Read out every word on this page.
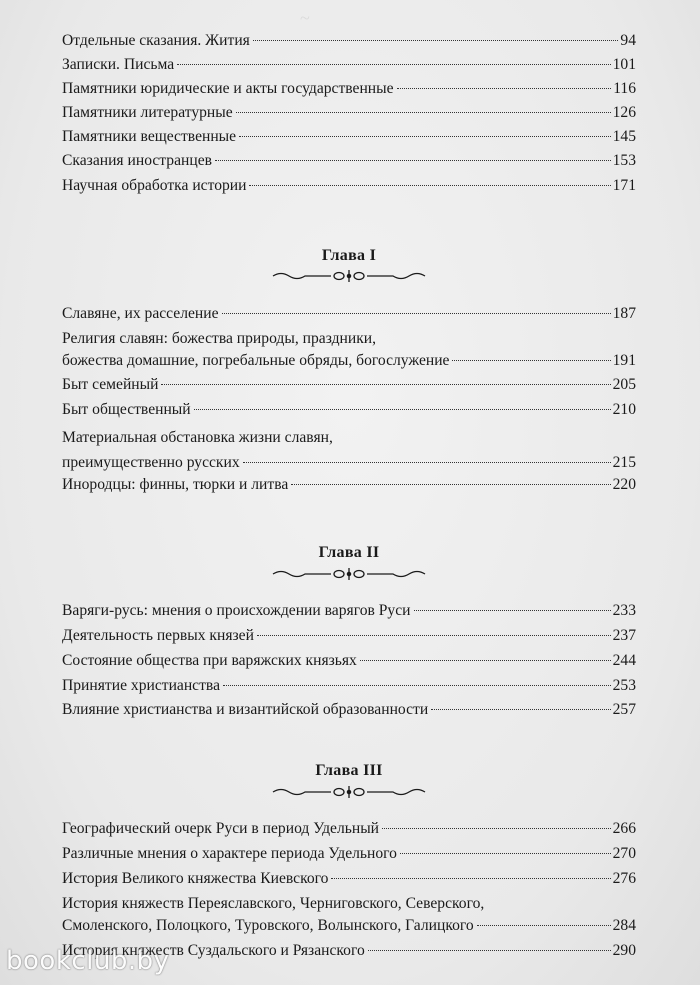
~
Отдельные сказания. Жития	94
Записки. Письма	101
Памятники юридические и акты государственные	116
Памятники литературные	126
Памятники вещественные	145
Сказания иностранцев	153
Научная обработка истории	171
Глава I
Славяне, их расселение	187
Религия славян: божества природы, праздники,
божества домашние, погребальные обряды, богослужение	191
Быт семейный	205
Быт общественный	210
Материальная обстановка жизни славян,
преимущественно русских	215
Инородцы: финны, тюрки и литва	220
Глава II
Варяги-русь: мнения о происхождении варягов Руси	233
Деятельность первых князей	237
Состояние общества при варяжских князьях	244
Принятие христианства	253
Влияние христианства и византийской образованности	257
Глава III
Географический очерк Руси в период Удельный	266
Различные мнения о характере периода Удельного	270
История Великого княжества Киевского	276
История княжеств Переяславского, Черниговского, Северского,
Смоленского, Полоцкого, Туровского, Волынского, Галицкого	284
История княжеств Суздальского и Рязанского	290
bookclub.by
